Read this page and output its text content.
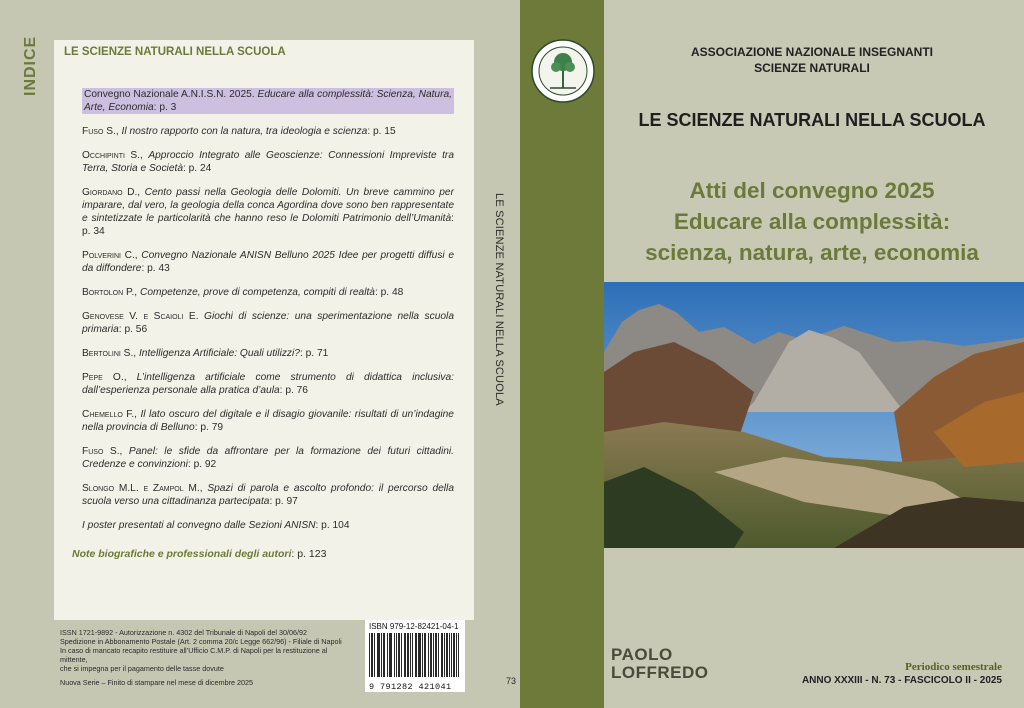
INDICE LE SCIENZE NATURALI NELLA SCUOLA
Convegno Nazionale A.N.I.S.N. 2025. Educare alla complessità: Scienza, Natura, Arte, Economia: p. 3
Fuso S., Il nostro rapporto con la natura, tra ideologia e scienza: p. 15
Occhipinti S., Approccio Integrato alle Geoscienze: Connessioni Impreviste tra Terra, Storia e Società: p. 24
Giordano D., Cento passi nella Geologia delle Dolomiti. Un breve cammino per imparare, dal vero, la geologia della conca Agordina dove sono ben rappresentate e sintetizzate le particolarità che hanno reso le Dolomiti Patrimonio dell’Umanità: p. 34
Polverini C., Convegno Nazionale ANISN Belluno 2025 Idee per progetti diffusi e da diffondere: p. 43
Bortolon P., Competenze, prove di competenza, compiti di realtà: p. 48
Genovese V. e Scaioli E. Giochi di scienze: una sperimentazione nella scuola primaria: p. 56
Bertolini S., Intelligenza Artificiale: Quali utilizzi?: p. 71
Pepe O., L’intelligenza artificiale come strumento di didattica inclusiva: dall’esperienza personale alla pratica d’aula: p. 76
Chemello F., Il lato oscuro del digitale e il disagio giovanile: risultati di un’indagine nella provincia di Belluno: p. 79
Fuso S., Panel: le sfide da affrontare per la formazione dei futuri cittadini. Credenze e convinzioni: p. 92
Slongo M.L. e Zampol M., Spazi di parola e ascolto profondo: il percorso della scuola verso una cittadinanza partecipata: p. 97
I poster presentati al convegno dalle Sezioni ANISN: p. 104
Note biografiche e professionali degli autori: p. 123
ISSN 1721-9892 - Autorizzazione n. 4302 del Tribunale di Napoli del 30/06/92
Spedizione in Abbonamento Postale (Art. 2 comma 20/c Legge 662/96) - Filiale di Napoli
In caso di mancato recapito restituire all’Ufficio C.M.P. di Napoli per la restituzione al mittente,
che si impegna per il pagamento delle tasse dovute
Nuova Serie – Finito di stampare nel mese di dicembre 2025
ISBN 979-12-82421-04-1
9 791282 421041
LE SCIENZE NATURALI NELLA SCUOLA
73
ASSOCIAZIONE NAZIONALE INSEGNANTI
SCIENZE NATURALI
LE SCIENZE NATURALI NELLA SCUOLA
Atti del convegno 2025
Educare alla complessità:
scienza, natura, arte, economia
PAOLO
LOFFREDO	Periodico semestrale
ANNO XXXIII - N. 73 - FASCICOLO II - 2025
